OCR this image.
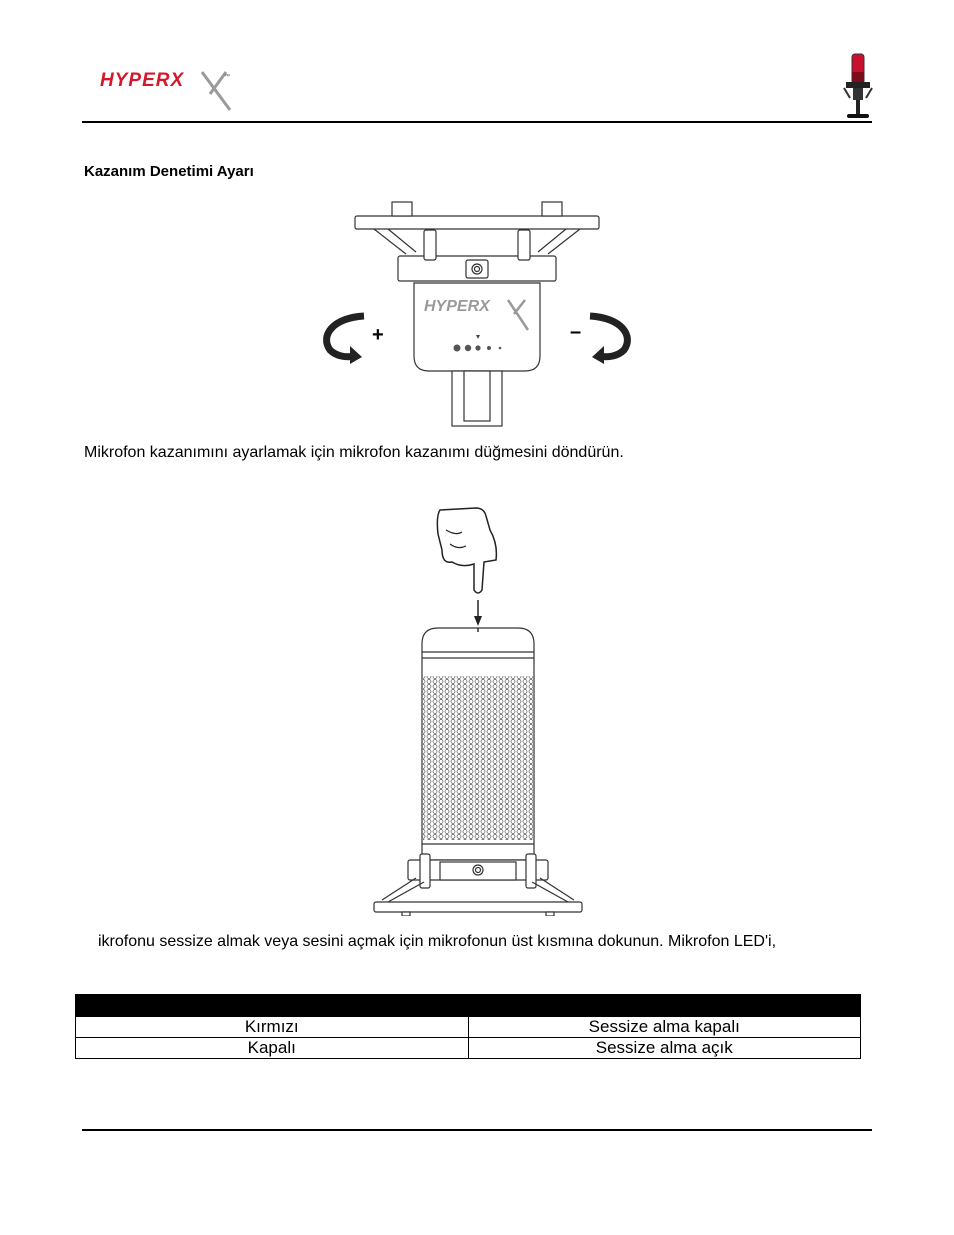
HYPERX	™
Kazanım Denetimi Ayarı
HYPERX
+	–
Mikrofon kazanımını ayarlamak için mikrofon kazanımı düğmesini döndürün.
ikrofonu sessize almak veya sesini açmak için mikrofonun üst kısmına dokunun. Mikrofon LED'i,

Kırmızı	Sessize alma kapalı
Kapalı	Sessize alma açık
